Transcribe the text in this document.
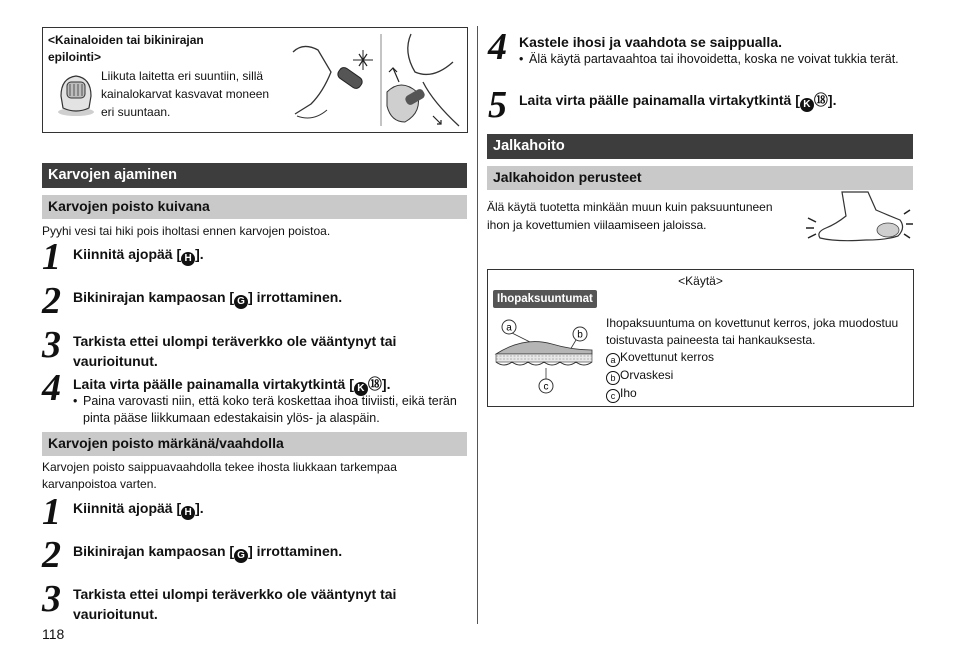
<Kainaloiden tai bikinirajan epilointi>
Liikuta laitetta eri suuntiin, sillä kainalokarvat kasvavat moneen eri suuntaan.
Karvojen ajaminen
Karvojen poisto kuivana
Pyyhi vesi tai hiki pois iholtasi ennen karvojen poistoa.
1 Kiinnitä ajopää [ H ].
2 Bikinirajan kampaosan [ G ] irrottaminen.
3 Tarkista ettei ulompi teräverkko ole vääntynyt tai
vaurioitunut.
4 Laita virta päälle painamalla virtakytkintä [ K ⑱].
• Paina varovasti niin, että koko terä koskettaa ihoa tiiviisti, eikä terän pinta pääse liikkumaan edestakaisin ylös- ja alaspäin.
Karvojen poisto märkänä/vaahdolla
Karvojen poisto saippuavaahdolla tekee ihosta liukkaan tarkempaa karvanpoistoa varten.
1 Kiinnitä ajopää [ H ].
2 Bikinirajan kampaosan [ G ] irrottaminen.
3 Tarkista ettei ulompi teräverkko ole vääntynyt tai
vaurioitunut.
118
4 Kastele ihosi ja vaahdota se saippualla.
• Älä käytä partavaahtoa tai ihovoidetta, koska ne voivat tukkia terät.
5 Laita virta päälle painamalla virtakytkintä [ K ⑱].
Jalkahoito
Jalkahoidon perusteet
Älä käytä tuotetta minkään muun kuin paksuuntuneen ihon ja kovettumien viilaamiseen jaloissa.
<Käytä>
Ihopaksuuntumat
a
b
c
Ihopaksuuntuma on kovettunut kerros, joka muodostuu toistuvasta paineesta tai hankauksesta.
a Kovettunut kerros
b Orvaskesi
c Iho
